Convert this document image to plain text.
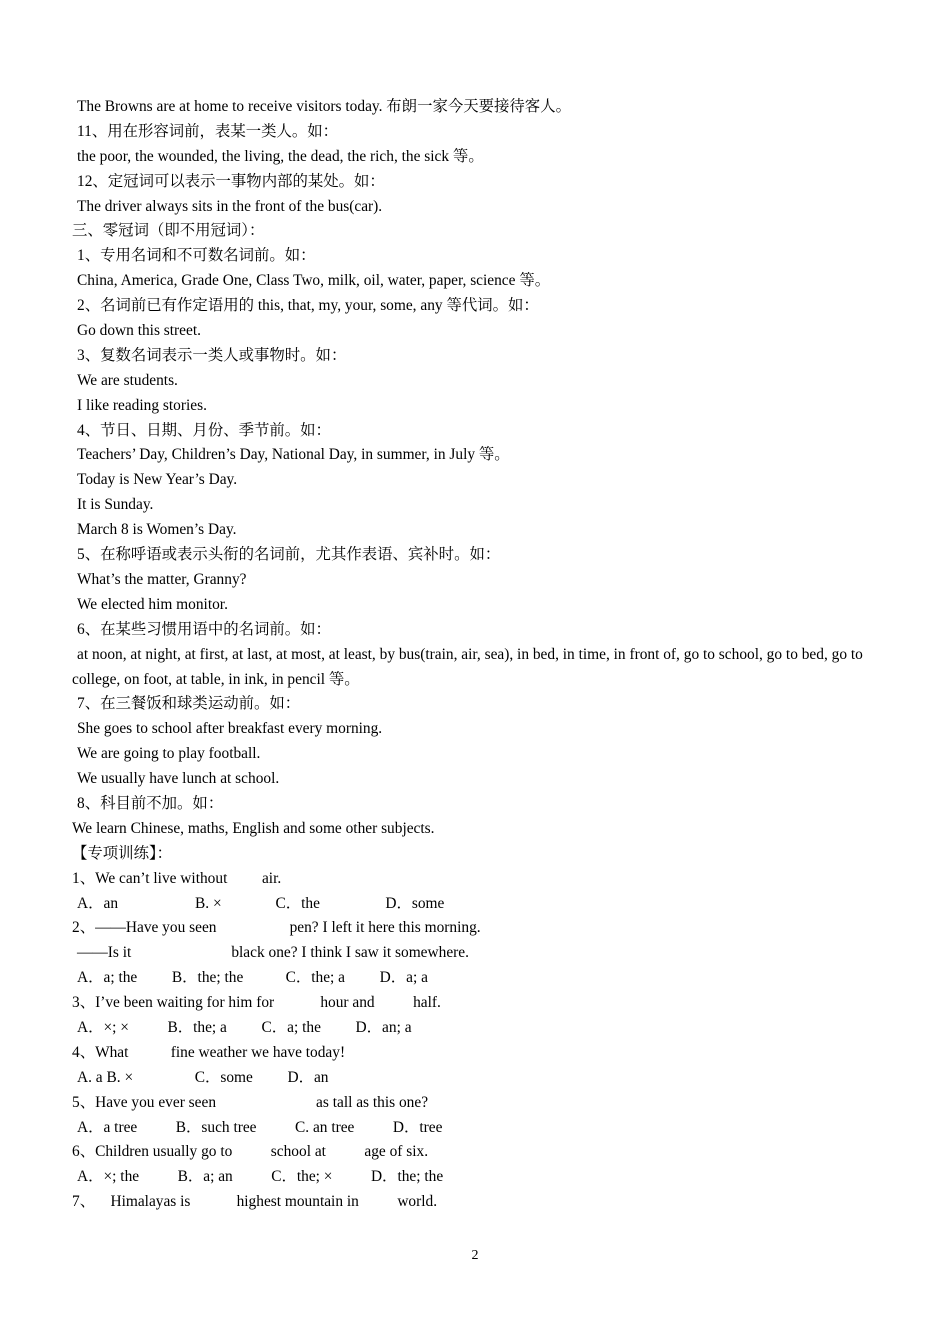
The Browns are at home to receive visitors today. 布朗一家今天要接待客人。
11、用在形容词前，表某一类人。如：
the poor, the wounded, the living, the dead, the rich, the sick 等。
12、定冠词可以表示一事物内部的某处。如：
The driver always sits in the front of the bus(car).
三、零冠词（即不用冠词）：
1、专用名词和不可数名词前。如：
China, America, Grade One, Class Two, milk, oil, water, paper, science 等。
2、名词前已有作定语用的 this, that, my, your, some, any 等代词。如：
Go down this street.
3、复数名词表示一类人或事物时。如：
We are students.
I like reading stories.
4、节日、日期、月份、季节前。如：
Teachers’ Day, Children’s Day, National Day, in summer, in July 等。
Today is New Year’s Day.
It is Sunday.
March 8 is Women’s Day.
5、在称呼语或表示头衔的名词前，尤其作表语、宾补时。如：
What’s the matter, Granny?
We elected him monitor.
6、在某些习惯用语中的名词前。如：
at noon, at night, at first, at last, at most, at least, by bus(train, air, sea), in bed, in time, in front of, go to school, go to bed, go to college, on foot, at table, in ink, in pencil 等。
7、在三餐饭和球类运动前。如：
She goes to school after breakfast every morning.
We are going to play football.
We usually have lunch at school.
8、科目前不加。如：
We learn Chinese, maths, English and some other subjects.
【专项训练】：
1、We can’t live without         air.
A．an                    B. ×              C．the                 D．some
2、——Have you seen                   pen? I left it here this morning.
——Is it                          black one? I think I saw it somewhere.
A．a; the         B．the; the           C．the; a         D．a; a
3、I’ve been waiting for him for            hour and          half.
A．×; ×          B．the; a         C．a; the         D．an; a
4、What           fine weather we have today!
A. a B. ×                C．some         D．an
5、Have you ever seen                          as tall as this one?
A．a tree          B．such tree          C. an tree          D．tree
6、Children usually go to          school at          age of six.
A．×; the          B．a; an          C．the; ×          D．the; the
7、    Himalayas is            highest mountain in          world.
2
